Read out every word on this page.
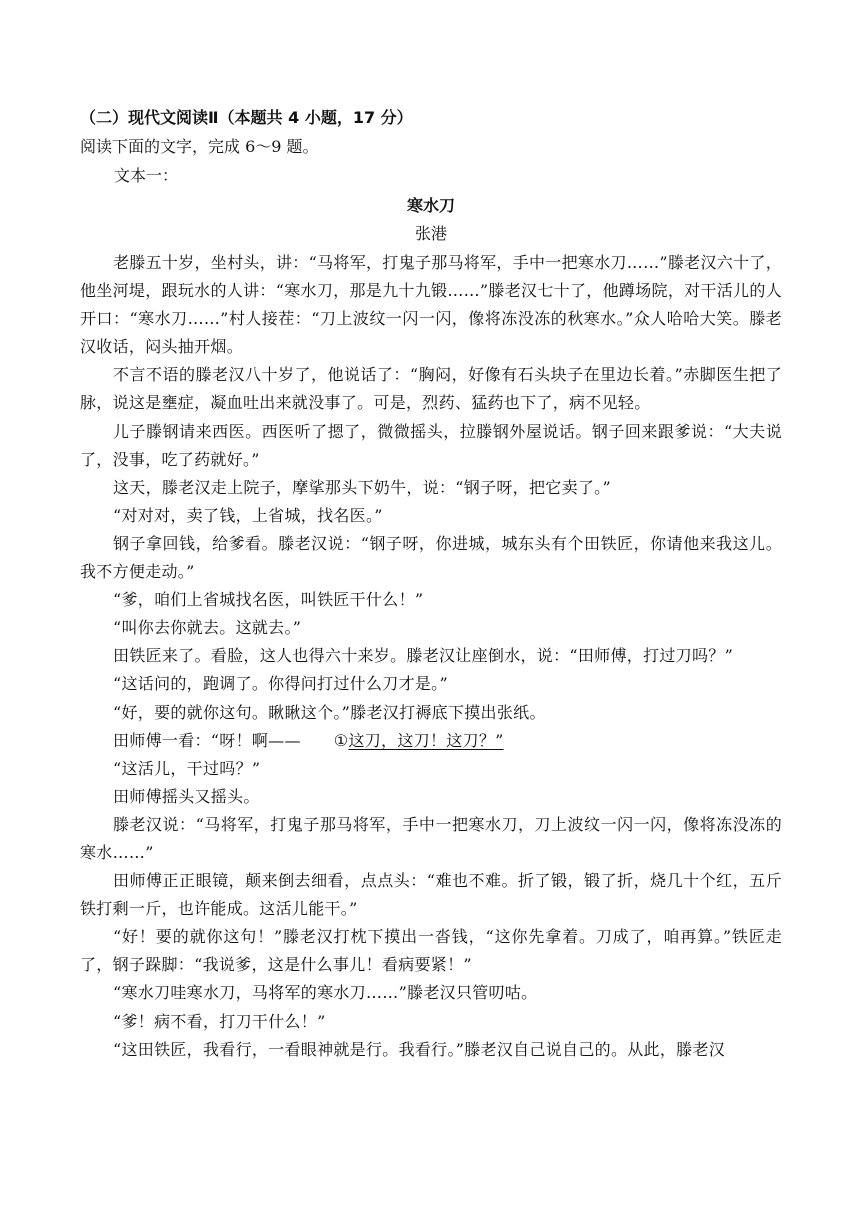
（二）现代文阅读Ⅱ（本题共 4 小题，17 分）

阅读下面的文字，完成 6～9 题。

文本一：

寒水刀
张港

老滕五十岁，坐村头，讲：“马将军，打鬼子那马将军，手中一把寒水刀……”滕老汉六十了，他坐河堤，跟玩水的人讲：“寒水刀，那是九十九锻……”滕老汉七十了，他蹲场院，对干活儿的人开口：“寒水刀……”村人接茬：“刀上波纹一闪一闪，像将冻没冻的秋寒水。”众人哈哈大笑。滕老汉收话，闷头抽开烟。

不言不语的滕老汉八十岁了，他说话了：“胸闷，好像有石头块子在里边长着。”赤脚医生把了脉，说这是壅症，凝血吐出来就没事了。可是，烈药、猛药也下了，病不见轻。

儿子滕钢请来西医。西医听了摁了，微微摇头，拉滕钢外屋说话。钢子回来跟爹说：“大夫说了，没事，吃了药就好。”

这天，滕老汉走上院子，摩挲那头下奶牛，说：“钢子呀，把它卖了。”

“对对对，卖了钱，上省城，找名医。”

钢子拿回钱，给爹看。滕老汉说：“钢子呀，你进城，城东头有个田铁匠，你请他来我这儿。我不方便走动。”

“爹，咱们上省城找名医，叫铁匠干什么！”

“叫你去你就去。这就去。”

田铁匠来了。看脸，这人也得六十来岁。滕老汉让座倒水，说：“田师傅，打过刀吗？”

“这话问的，跑调了。你得问打过什么刀才是。”

“好，要的就你这句。瞅瞅这个。”滕老汉打褥底下摸出张纸。

田师傅一看：“呀！啊—— ①这刀，这刀！这刀？”

“这活儿，干过吗？”

田师傅摇头又摇头。

滕老汉说：“马将军，打鬼子那马将军，手中一把寒水刀，刀上波纹一闪一闪，像将冻没冻的寒水……”

田师傅正正眼镜，颠来倒去细看，点点头：“难也不难。折了锻，锻了折，烧几十个红，五斤铁打剩一斤，也许能成。这活儿能干。”

“好！要的就你这句！”滕老汉打枕下摸出一沓钱，“这你先拿着。刀成了，咱再算。”铁匠走了，钢子跺脚：“我说爹，这是什么事儿！看病要紧！”

“寒水刀哇寒水刀，马将军的寒水刀……”滕老汉只管叨咕。

“爹！病不看，打刀干什么！”

“这田铁匠，我看行，一看眼神就是行。我看行。”滕老汉自己说自己的。从此，滕老汉
